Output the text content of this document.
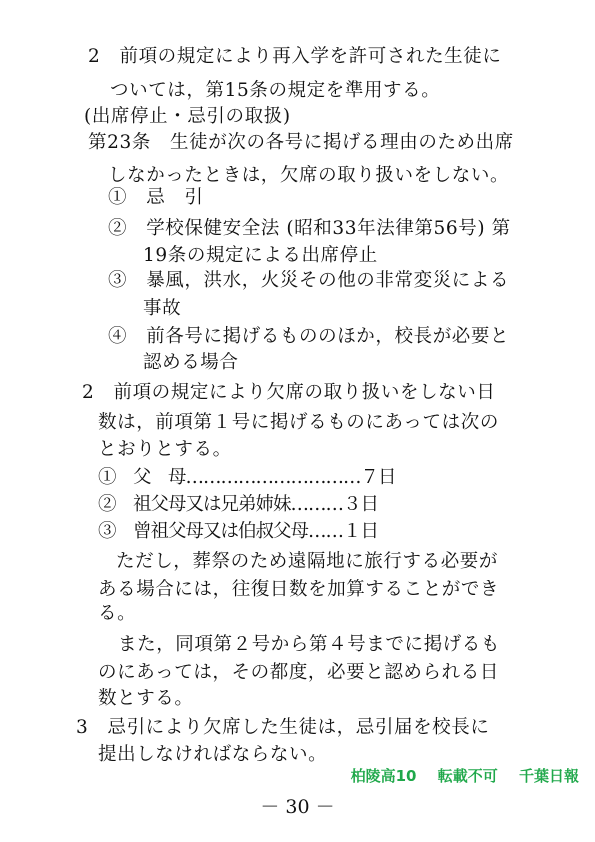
2　前項の規定により再入学を許可された生徒に
ついては，第15条の規定を準用する。
(出席停止・忌引の取扱)
第23条　生徒が次の各号に掲げる理由のため出席
しなかったときは，欠席の取り扱いをしない。
①　忌　引
②　学校保健安全法 (昭和33年法律第56号) 第
19条の規定による出席停止
③　暴風，洪水，火災その他の非常変災による
事故
④　前各号に掲げるもののほか，校長が必要と
認める場合
2　前項の規定により欠席の取り扱いをしない日
数は，前項第１号に掲げるものにあっては次の
とおりとする。
①　父　母…………………………７日
②　祖父母又は兄弟姉妹………３日
③　曾祖父母又は伯叔父母……１日
ただし，葬祭のため遠隔地に旅行する必要が
ある場合には，往復日数を加算することができ
る。
また，同項第２号から第４号までに掲げるも
のにあっては，その都度，必要と認められる日
数とする。
3　忌引により欠席した生徒は，忌引届を校長に
提出しなければならない。
柏陵高10 転載不可 千葉日報
－ 30 －
